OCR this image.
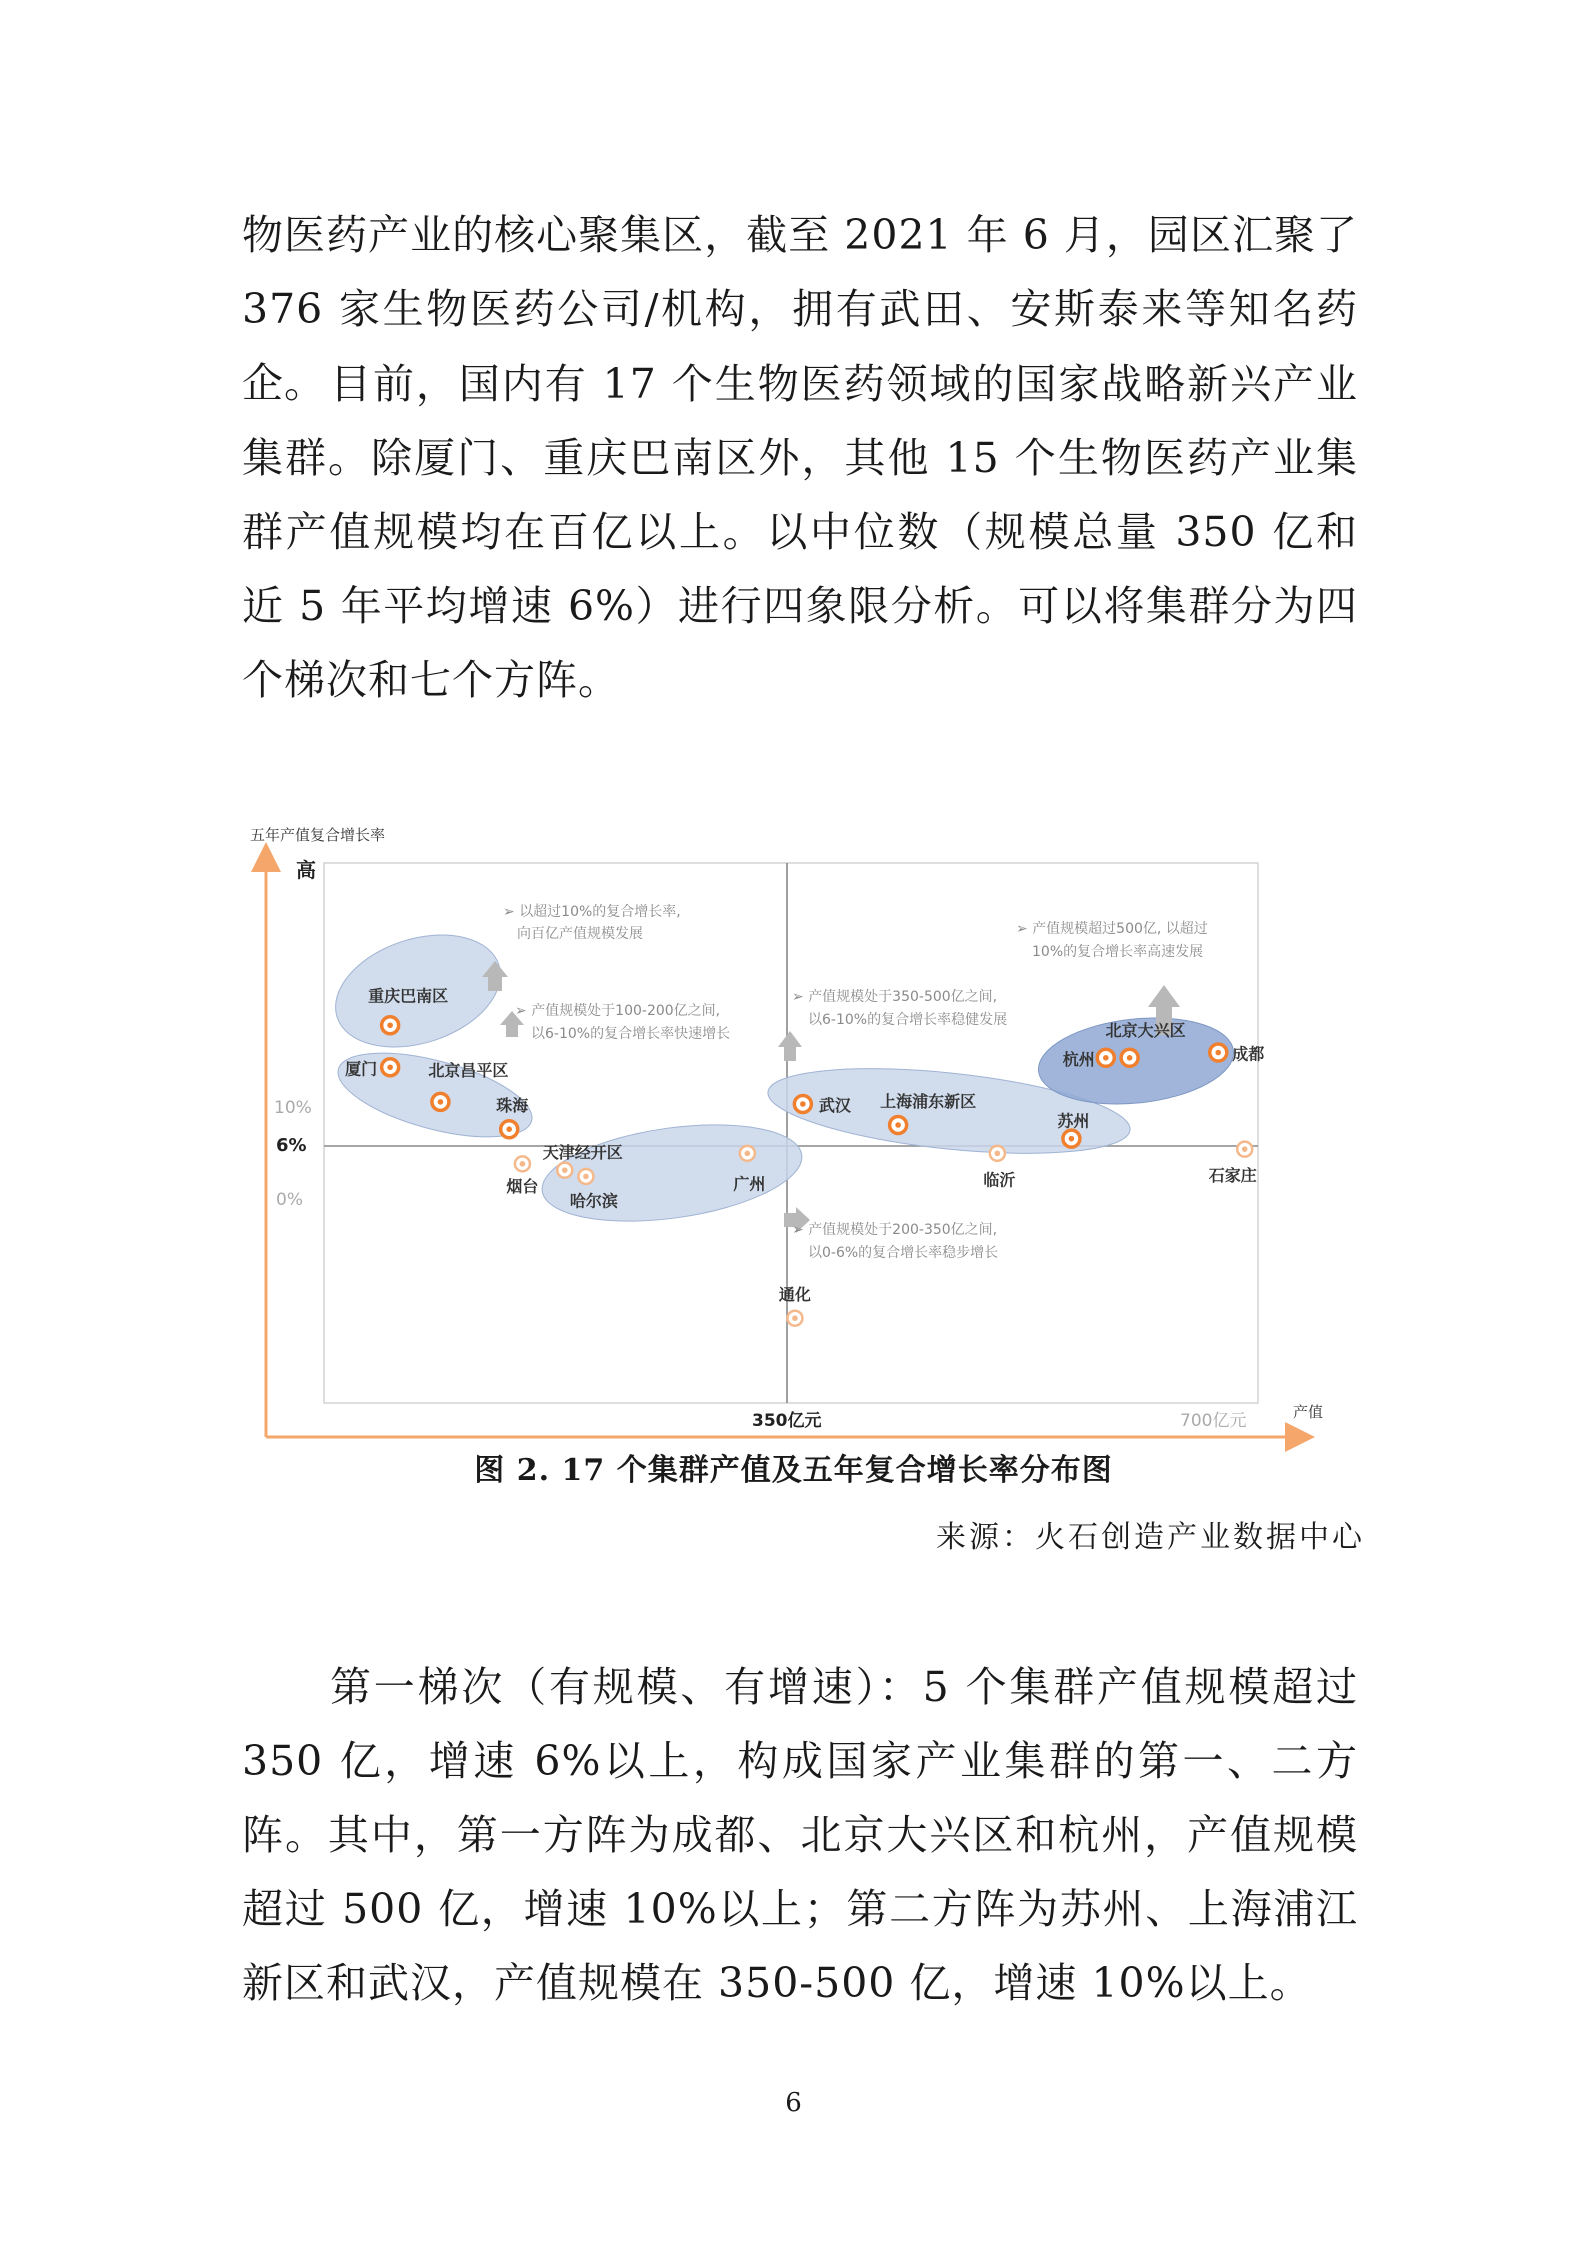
物医药产业的核心聚集区，截至 2021 年 6 月，园区汇聚了 376 家生物医药公司/机构，拥有武田、安斯泰来等知名药企。 目前，国内有 17 个生物医药领域的国家战略新兴产业集群。除厦门、重庆巴南区外，其他 15 个生物医药产业集群产值规模均在百亿以上。以中位数（规模总量 350 亿和近 5 年平均增速 6%）进行四象限分析。可以将集群分为四个梯次和七个方阵。

五年产值复合增长率
高
产值
10%
6%
0%
350亿元	700亿元
➢ 以超过10%的复合增长率,
向百亿产值规模发展
➢ 产值规模处于100-200亿之间,
以6-10%的复合增长率快速增长
➢ 产值规模处于350-500亿之间,
以6-10%的复合增长率稳健发展
➢ 产值规模超过500亿, 以超过
10%的复合增长率高速发展
➢ 产值规模处于200-350亿之间,
以0-6%的复合增长率稳步增长
重庆巴南区
厦门	北京昌平区
珠海
烟台
天津经开区
哈尔滨
广州
武汉 上海浦东新区
临沂
苏州
杭州
北京大兴区
成都
石家庄
通化
图 2. 17 个集群产值及五年复合增长率分布图
来源：火石创造产业数据中心

第一梯次（有规模、有增速）：5 个集群产值规模超过 350 亿，增速 6%以上，构成国家产业集群的第一、二方阵。其中，第一方阵为成都、北京大兴区和杭州，产值规模超过 500 亿，增速 10%以上；第二方阵为苏州、上海浦江新区和武汉，产值规模在 350-500 亿，增速 10%以上。

6
